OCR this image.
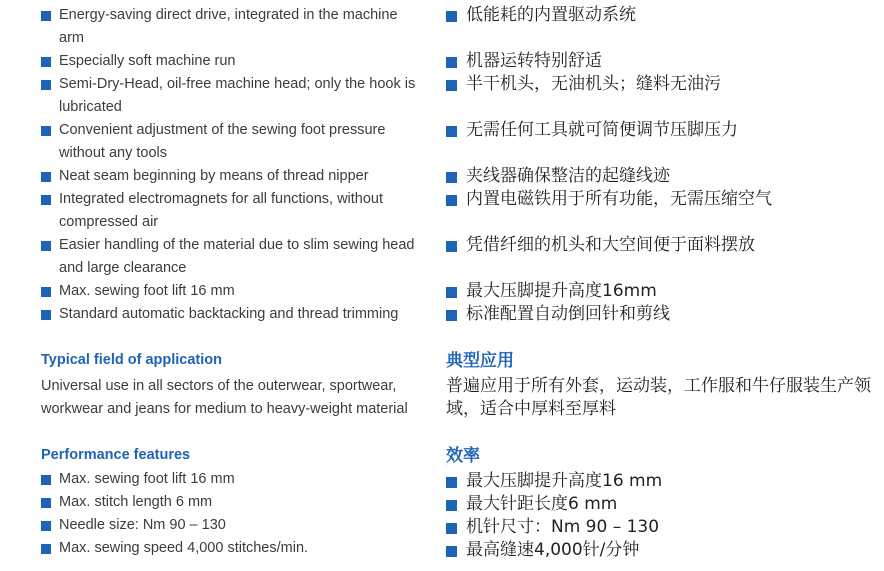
Energy-saving direct drive, integrated in the machine arm
Especially soft machine run
Semi-Dry-Head, oil-free machine head; only the hook is lubricated
Convenient adjustment of the sewing foot pressure without any tools
Neat seam beginning by means of thread nipper
Integrated electromagnets for all functions, without compressed air
Easier handling of the material due to slim sewing head and large clearance
Max. sewing foot lift 16 mm
Standard automatic backtacking and thread trimming
低能耗的内置驱动系统
机器运转特别舒适
半干机头，无油机头；缝料无油污
无需任何工具就可简便调节压脚压力
夹线器确保整洁的起缝线迹
内置电磁铁用于所有功能，无需压缩空气
凭借纤细的机头和大空间便于面料摆放
最大压脚提升高度16mm
标准配置自动倒回针和剪线
Typical field of application

Universal use in all sectors of the outerwear, sportwear, workwear and jeans for medium to heavy-weight material

典型应用

普遍应用于所有外套，运动装，工作服和牛仔服装生产领域，适合中厚料至厚料

Performance features
Max. sewing foot lift 16 mm
Max. stitch length 6 mm
Needle size: Nm 90 – 130
Max. sewing speed 4,000 stitches/min.
效率
最大压脚提升高度16 mm
最大针距长度6 mm
机针尺寸：Nm 90 – 130
最高缝速4,000针/分钟
